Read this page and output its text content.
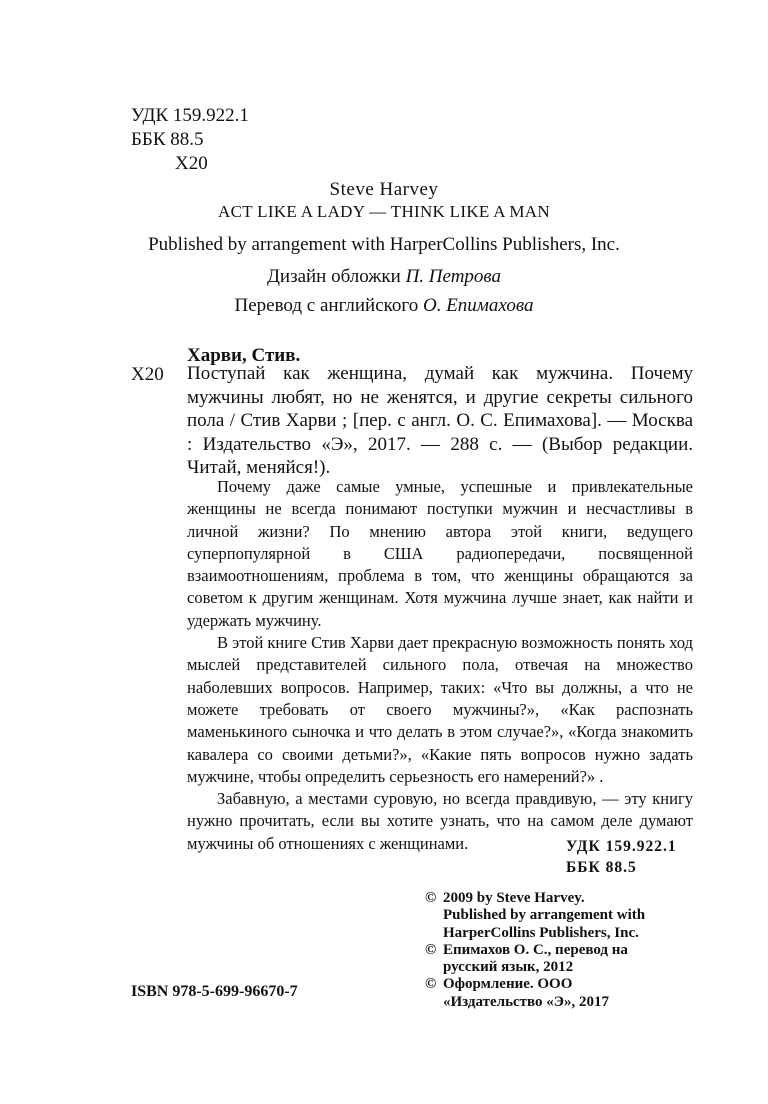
УДК 159.922.1
ББК 88.5
Х20
Steve Harvey
ACT LIKE A LADY — THINK LIKE A MAN
Published by arrangement with HarperCollins Publishers, Inc.
Дизайн обложки П. Петрова
Перевод с английского О. Епимахова
Харви, Стив.
Х20 Поступай как женщина, думай как мужчина. Почему мужчины любят, но не женятся, и другие секреты сильного пола / Стив Харви ; [пер. с англ. О. С. Епимахова]. — Москва : Издательство «Э», 2017. — 288 с. — (Выбор редакции. Читай, меняйся!).

Почему даже самые умные, успешные и привлекательные женщины не всегда понимают поступки мужчин и несчастливы в личной жизни? По мнению автора этой книги, ведущего суперпопулярной в США радиопередачи, посвященной взаимоотношениям, проблема в том, что женщины обращаются за советом к другим женщинам. Хотя мужчина лучше знает, как найти и удержать мужчину.

В этой книге Стив Харви дает прекрасную возможность понять ход мыслей представителей сильного пола, отвечая на множество наболевших вопросов. Например, таких: «Что вы должны, а что не можете требовать от своего мужчины?», «Как распознать маменькиного сыночка и что делать в этом случае?», «Когда знакомить кавалера со своими детьми?», «Какие пять вопросов нужно задать мужчине, чтобы определить серьезность его намерений?» .

Забавную, а местами суровую, но всегда правдивую, — эту книгу нужно прочитать, если вы хотите узнать, что на самом деле думают мужчины об отношениях с женщинами.	УДК 159.922.1
ББК 88.5
© 2009 by Steve Harvey.
Published by arrangement with
HarperCollins Publishers, Inc.
© Епимахов О. С., перевод на
русский язык, 2012
© Оформление. ООО
«Издательство «Э», 2017
ISBN 978-5-699-96670-7
